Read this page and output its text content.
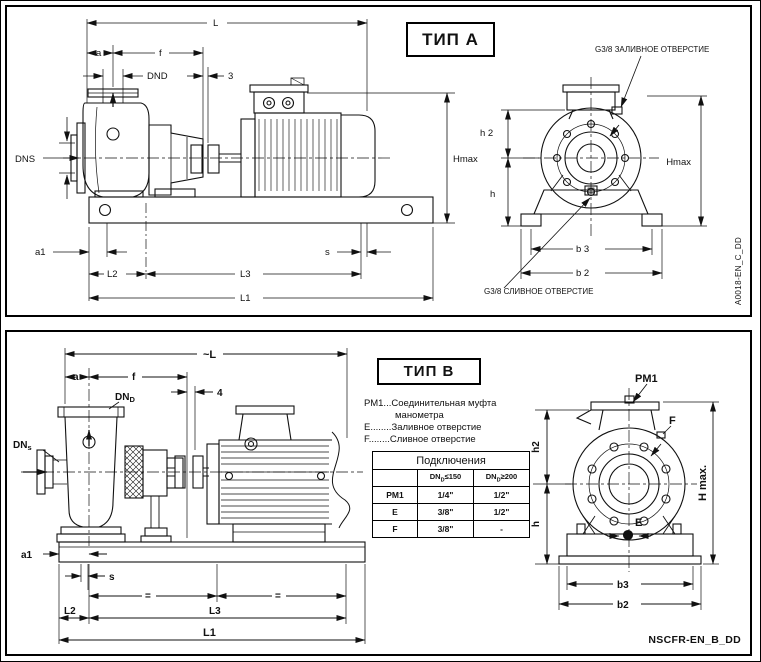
L
a	f
DND	3
DNS	Hmax	Hmax
h 2
h
a1	s
L2	L3
L1
b 3
b 2
G3/8 ЗАЛИВНОЕ ОТВЕРСТИЕ
G3/8 СЛИВНОЕ ОТВЕРСТИЕ	A0018-EN_C_DD
ТИП A
~L
a	f
4
$DN_D$
$DN_s$
a1
s
=	=
L2	L3
L1
PM1
F
E
h2
h
H max.
b3
b2
ТИП B
РМ1...Соединительная муфта
манометра
Е........Заливное отверстие
F........Сливное отверстие
Подключения		
	$DN_D\le 150$	$DN_D\ge 200$
PM1	1/4"	1/2"
E	3/8"	1/2"
F	3/8"	-
NSCFR-EN_B_DD
